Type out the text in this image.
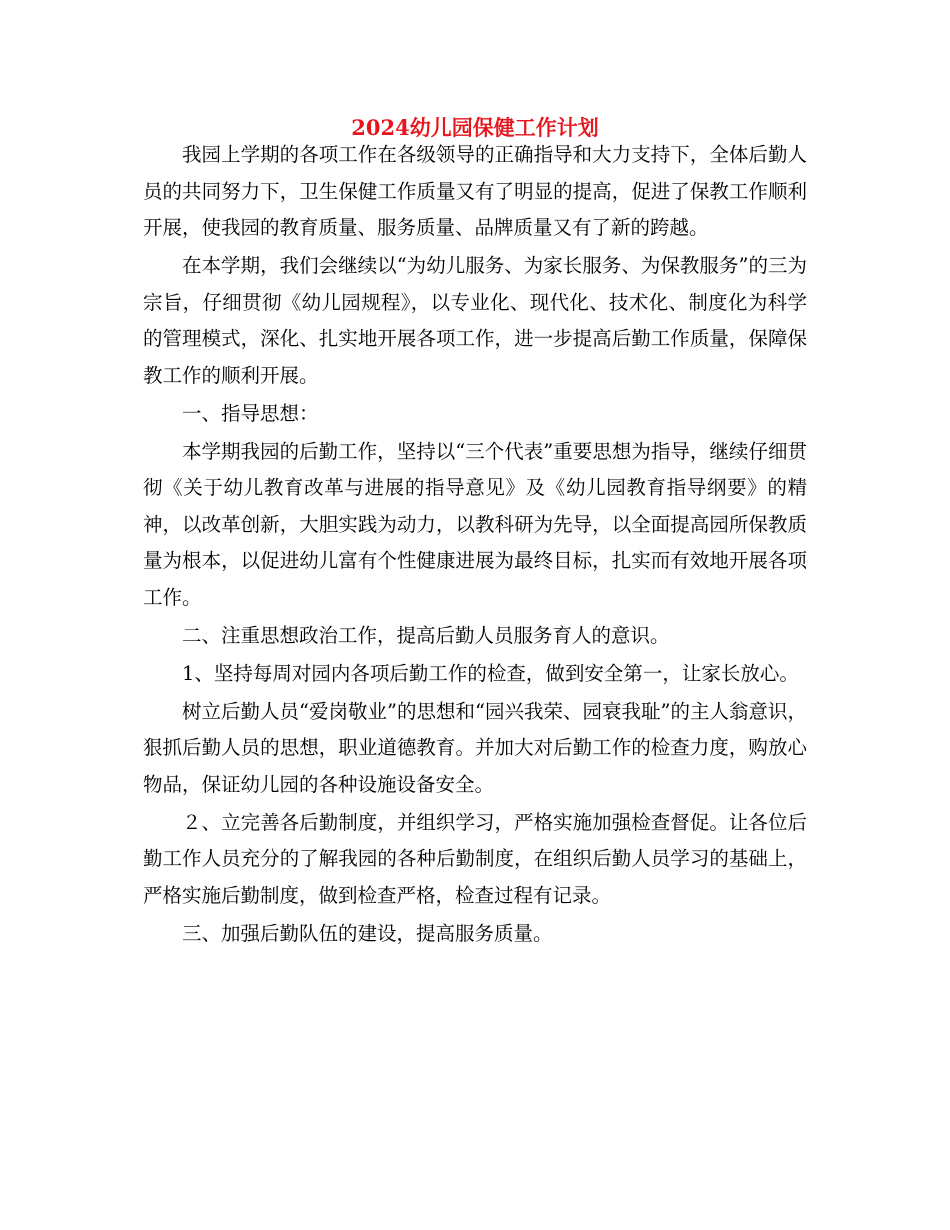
2024幼儿园保健工作计划

我园上学期的各项工作在各级领导的正确指导和大力支持下，全体后勤人员的共同努力下，卫生保健工作质量又有了明显的提高，促进了保教工作顺利开展，使我园的教育质量、服务质量、品牌质量又有了新的跨越。

在本学期，我们会继续以“为幼儿服务、为家长服务、为保教服务”的三为宗旨，仔细贯彻《幼儿园规程》，以专业化、现代化、技术化、制度化为科学的管理模式，深化、扎实地开展各项工作，进一步提高后勤工作质量，保障保教工作的顺利开展。

一、指导思想：

本学期我园的后勤工作，坚持以“三个代表”重要思想为指导，继续仔细贯彻《关于幼儿教育改革与进展的指导意见》及《幼儿园教育指导纲要》的精神，以改革创新，大胆实践为动力，以教科研为先导，以全面提高园所保教质量为根本，以促进幼儿富有个性健康进展为最终目标，扎实而有效地开展各项工作。

二、注重思想政治工作，提高后勤人员服务育人的意识。

1、坚持每周对园内各项后勤工作的检查，做到安全第一，让家长放心。

树立后勤人员“爱岗敬业”的思想和“园兴我荣、园衰我耻”的主人翁意识，狠抓后勤人员的思想，职业道德教育。并加大对后勤工作的检查力度，购放心物品，保证幼儿园的各种设施设备安全。

２、立完善各后勤制度，并组织学习，严格实施加强检查督促。让各位后勤工作人员充分的了解我园的各种后勤制度，在组织后勤人员学习的基础上，严格实施后勤制度，做到检查严格，检查过程有记录。

三、加强后勤队伍的建设，提高服务质量。
